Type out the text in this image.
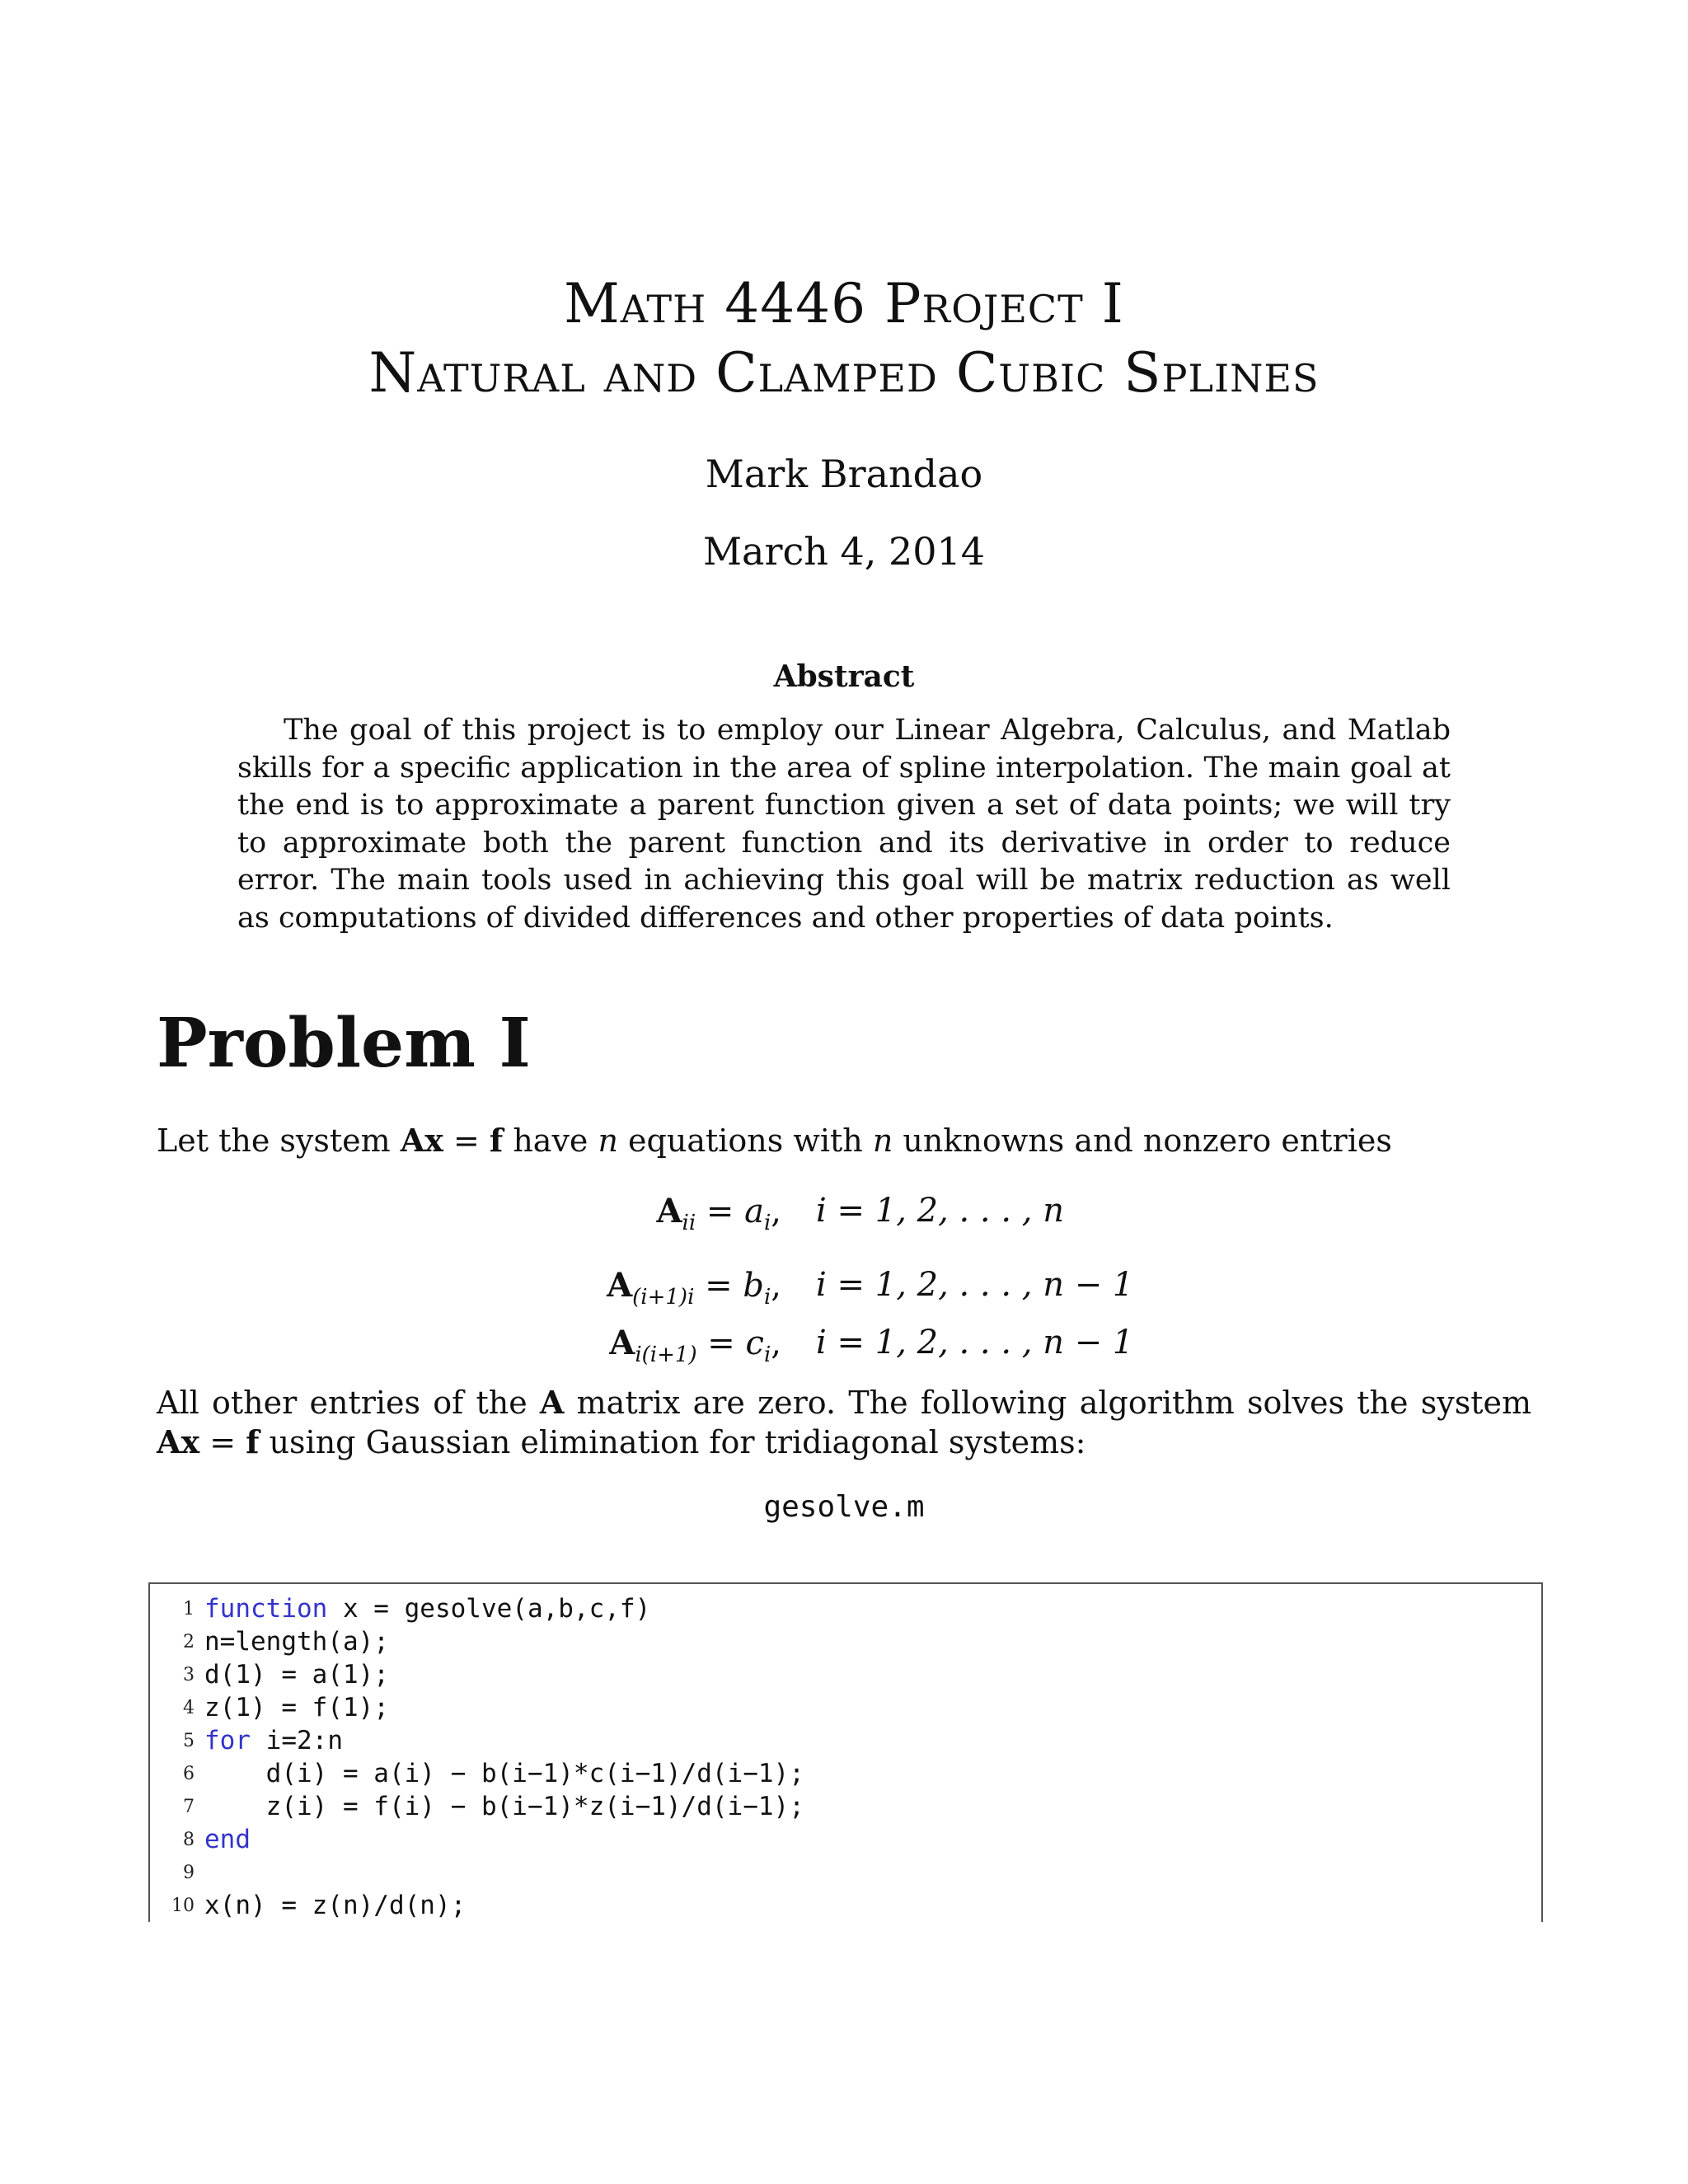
Math 4446 Project I
Natural and Clamped Cubic Splines
Mark Brandao
March 4, 2014
Abstract
The goal of this project is to employ our Linear Algebra, Calculus, and Matlab skills for a specific application in the area of spline interpolation. The main goal at the end is to approximate a parent function given a set of data points; we will try to approximate both the parent function and its derivative in order to reduce error. The main tools used in achieving this goal will be matrix reduction as well as computations of divided differences and other properties of data points.
Problem I
Let the system Ax = f have n equations with n unknowns and nonzero entries
$A_{ii} = a_i$, i = 1, 2, . . . , n
$A_{(i+1)i} = b_i$, i = 1, 2, . . . , n − 1
$A_{i(i+1)} = c_i$, i = 1, 2, . . . , n − 1
All other entries of the A matrix are zero. The following algorithm solves the system Ax = f using Gaussian elimination for tridiagonal systems:
gesolve.m
1 function x = gesolve(a,b,c,f)
2 n=length(a);
3 d(1) = a(1);
4 z(1) = f(1);
5 for i=2:n
6 d(i) = a(i) − b(i−1)*c(i−1)/d(i−1);
7 z(i) = f(i) − b(i−1)*z(i−1)/d(i−1);
8 end
9
10 x(n) = z(n)/d(n);
